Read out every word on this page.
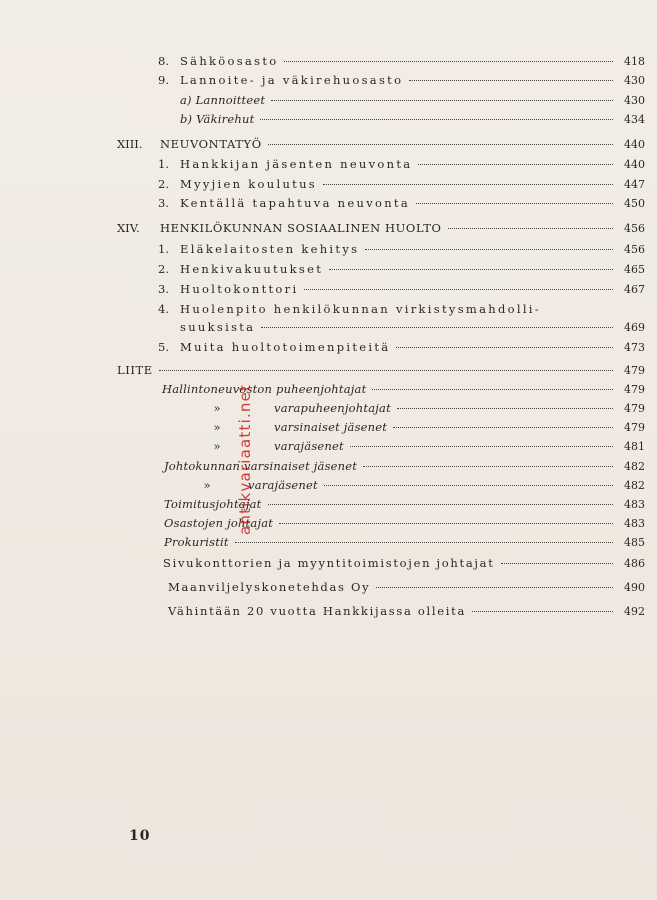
8. Sähköosasto	418
9. Lannoite- ja väkirehuosasto	430
a) Lannoitteet	430
b) Väkirehut	434
XIII.	NEUVONTATYÖ	440
1. Hankkijan jäsenten neuvonta	440
2. Myyjien koulutus	447
3. Kentällä tapahtuva neuvonta	450
XIV.	HENKILÖKUNNAN SOSIAALINEN HUOLTO	456
1. Eläkelaitosten kehitys	456
2. Henkivakuutukset	465
3. Huoltokonttori	467
4. Huolenpito henkilökunnan virkistysmahdolli-
suuksista	469
5. Muita huoltotoimenpiteitä	473
LIITE	479
Hallintoneuvoston puheenjohtajat	479
»	varapuheenjohtajat	479
»	varsinaiset jäsenet	479
»	varajäsenet	481
Johtokunnan varsinaiset jäsenet	482
»	varajäsenet	482
Toimitusjohtajat	483
Osastojen johtajat	483
Prokuristit	485
Sivukonttorien ja myyntitoimistojen johtajat	486
Maanviljelyskonetehdas Oy	490
Vähintään 20 vuotta Hankkijassa olleita	492
antikvariaatti.net
10
